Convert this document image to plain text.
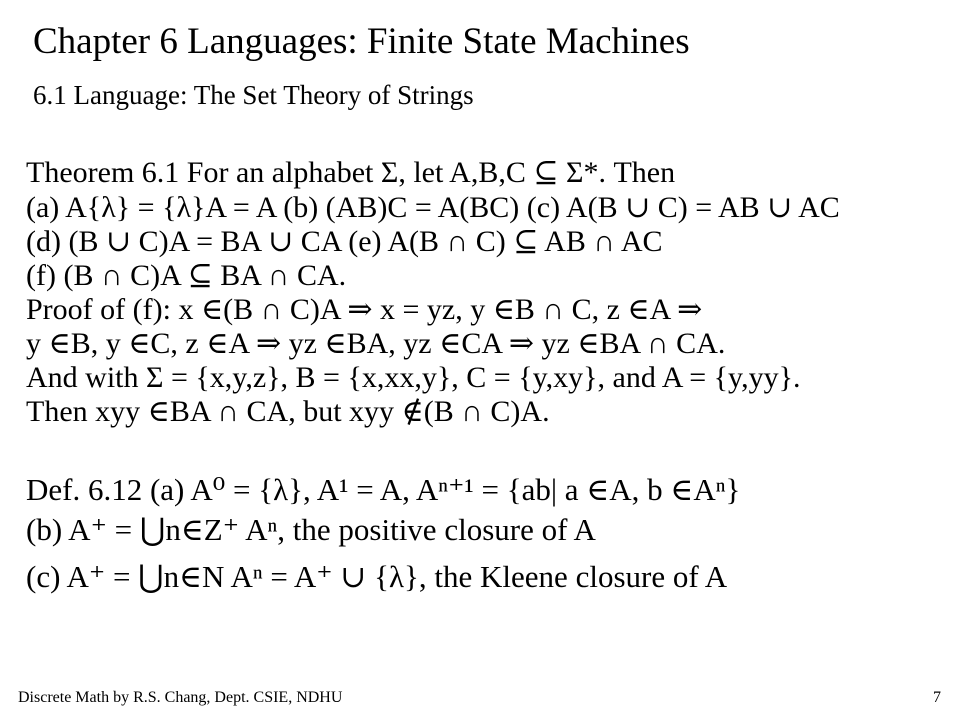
Chapter 6 Languages: Finite State Machines
6.1 Language: The Set Theory of Strings
Theorem 6.1 For an alphabet Σ, let A,B,C ⊆ Σ*. Then
(a) A{λ} = {λ}A = A (b) (AB)C = A(BC) (c) A(B ∪ C) = AB ∪ AC
(d) (B ∪ C)A = BA ∪ CA (e) A(B ∩ C) ⊆ AB ∩ AC
(f) (B ∩ C)A ⊆ BA ∩ CA.
Proof of (f): x ∈(B ∩ C)A ⇒ x = yz, y ∈B ∩ C, z ∈A ⇒
y ∈B, y ∈C, z ∈A ⇒ yz ∈BA, yz ∈CA ⇒ yz ∈BA ∩ CA.
And with Σ = {x,y,z}, B = {x,xx,y}, C = {y,xy}, and A = {y,yy}.
Then xyy ∈BA ∩ CA, but xyy ∉(B ∩ C)A.
Def. 6.12 (a) A⁰ = {λ}, A¹ = A, Aⁿ⁺¹ = {ab| a ∈A, b ∈Aⁿ}
(b) A⁺ = ⋃n∈Z⁺ Aⁿ, the positive closure of A
(c) A⁺ = ⋃n∈N Aⁿ = A⁺ ∪ {λ}, the Kleene closure of A
Discrete Math by R.S. Chang, Dept. CSIE, NDHU	7
